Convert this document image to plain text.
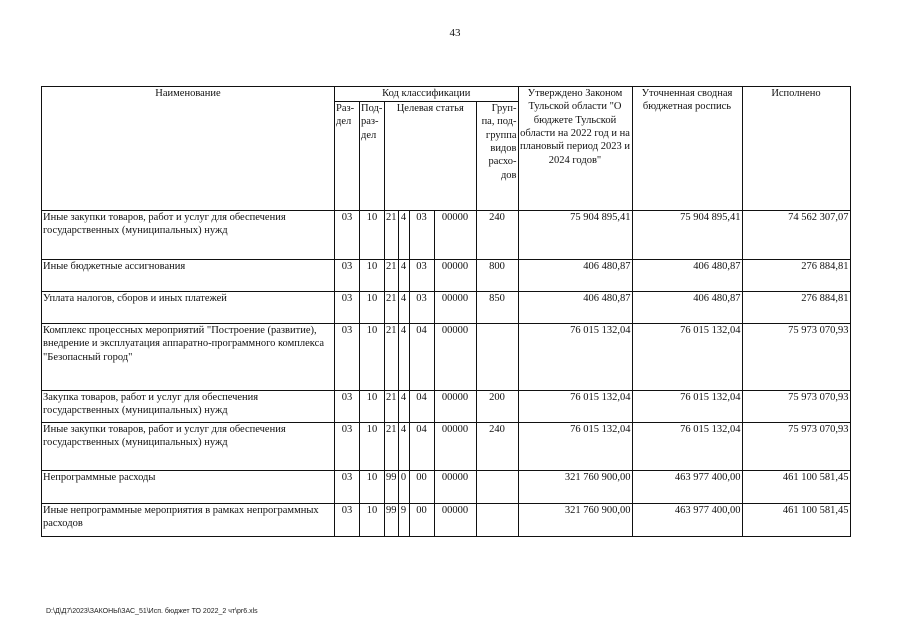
43
Наименование	Код классификации							Утверждено Законом Тульской области "О бюджете Тульской области на 2022 год и на плановый период 2023 и 2024 годов"	Уточненная сводная бюджетная роспись	Исполнено
	Раз- дел	Под- раз- дел	Целевая статья				Груп- па, под- группа видов расхо- дов			
Иные закупки товаров, работ и услуг для обеспечения государственных (муниципальных) нужд	03	10	21	4	03	00000	240	75 904 895,41	75 904 895,41	74 562 307,07
Иные бюджетные ассигнования	03	10	21	4	03	00000	800	406 480,87	406 480,87	276 884,81
Уплата налогов, сборов и иных платежей	03	10	21	4	03	00000	850	406 480,87	406 480,87	276 884,81
Комплекс процессных мероприятий "Построение (развитие), внедрение и эксплуатация аппаратно-программного комплекса "Безопасный город"	03	10	21	4	04	00000		76 015 132,04	76 015 132,04	75 973 070,93
Закупка товаров, работ и услуг для обеспечения государственных (муниципальных) нужд	03	10	21	4	04	00000	200	76 015 132,04	76 015 132,04	75 973 070,93
Иные закупки товаров, работ и услуг для обеспечения государственных (муниципальных) нужд	03	10	21	4	04	00000	240	76 015 132,04	76 015 132,04	75 973 070,93
Непрограммные расходы	03	10	99	0	00	00000		321 760 900,00	463 977 400,00	461 100 581,45
Иные непрограммные мероприятия в рамках непрограммных расходов	03	10	99	9	00	00000		321 760 900,00	463 977 400,00	461 100 581,45
D:\Д\Д7\2023\ЗАКОНЫ\ЗАС_51\Исп. бюджет ТО 2022_2 чт\pr6.xls
